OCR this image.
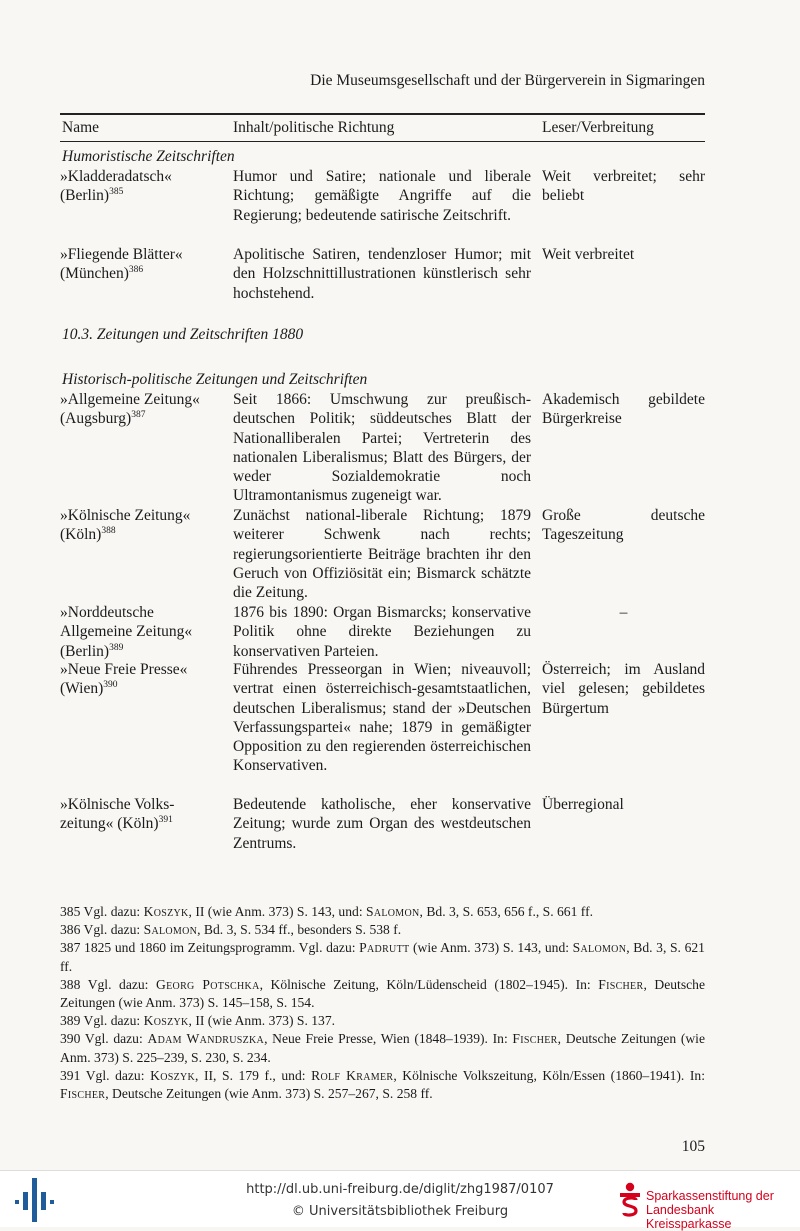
Die Museumsgesellschaft und der Bürgerverein in Sigmaringen
Name	Inhalt/politische Richtung	Leser/Verbreitung
Humoristische Zeitschriften
»Kladderadatsch«
(Berlin)$^{385}$
Humor und Satire; nationale und liberale Richtung; gemäßigte Angriffe auf die Regierung; bedeutende satirische Zeitschrift.
Weit verbreitet; sehr beliebt
»Fliegende Blätter«
(München)$^{386}$
Apolitische Satiren, tendenzloser Humor; mit den Holzschnittillustrationen künstlerisch sehr hochstehend.
Weit verbreitet
10.3. Zeitungen und Zeitschriften 1880
Historisch-politische Zeitungen und Zeitschriften
»Allgemeine Zeitung«
(Augsburg)$^{387}$
Seit 1866: Umschwung zur preußisch-deutschen Politik; süddeutsches Blatt der Nationalliberalen Partei; Vertreterin des nationalen Liberalismus; Blatt des Bürgers, der weder Sozialdemokratie noch Ultramontanismus zugeneigt war.
Akademisch gebildete Bürgerkreise
»Kölnische Zeitung«
(Köln)$^{388}$
Zunächst national-liberale Richtung; 1879 weiterer Schwenk nach rechts; regierungsorientierte Beiträge brachten ihr den Geruch von Offiziösität ein; Bismarck schätzte die Zeitung.
Große deutsche Tageszeitung
»Norddeutsche
Allgemeine Zeitung«
(Berlin)$^{389}$
1876 bis 1890: Organ Bismarcks; konservative Politik ohne direkte Beziehungen zu konservativen Parteien.
–
»Neue Freie Presse«
(Wien)$^{390}$
Führendes Presseorgan in Wien; niveauvoll; vertrat einen österreichisch-gesamtstaatlichen, deutschen Liberalismus; stand der »Deutschen Verfassungspartei« nahe; 1879 in gemäßigter Opposition zu den regierenden österreichischen Konservativen.
Österreich; im Ausland viel gelesen; gebildetes Bürgertum
»Kölnische Volks-
zeitung« (Köln)$^{391}$
Bedeutende katholische, eher konservative Zeitung; wurde zum Organ des westdeutschen Zentrums.
Überregional

385 Vgl. dazu: Koszyk, II (wie Anm. 373) S. 143, und: Salomon, Bd. 3, S. 653, 656 f., S. 661 ff.

386 Vgl. dazu: Salomon, Bd. 3, S. 534 ff., besonders S. 538 f.

387 1825 und 1860 im Zeitungsprogramm. Vgl. dazu: Padrutt (wie Anm. 373) S. 143, und: Salomon, Bd. 3, S. 621 ff.

388 Vgl. dazu: Georg Potschka, Kölnische Zeitung, Köln/Lüdenscheid (1802–1945). In: Fischer, Deutsche Zeitungen (wie Anm. 373) S. 145–158, S. 154.

389 Vgl. dazu: Koszyk, II (wie Anm. 373) S. 137.

390 Vgl. dazu: Adam Wandruszka, Neue Freie Presse, Wien (1848–1939). In: Fischer, Deutsche Zeitungen (wie Anm. 373) S. 225–239, S. 230, S. 234.

391 Vgl. dazu: Koszyk, II, S. 179 f., und: Rolf Kramer, Kölnische Volkszeitung, Köln/Essen (1860–1941). In: Fischer, Deutsche Zeitungen (wie Anm. 373) S. 257–267, S. 258 ff.

105
http://dl.ub.uni-freiburg.de/diglit/zhg1987/0107
© Universitätsbibliothek Freiburg
Sparkassenstiftung der
Landesbank Kreissparkasse
